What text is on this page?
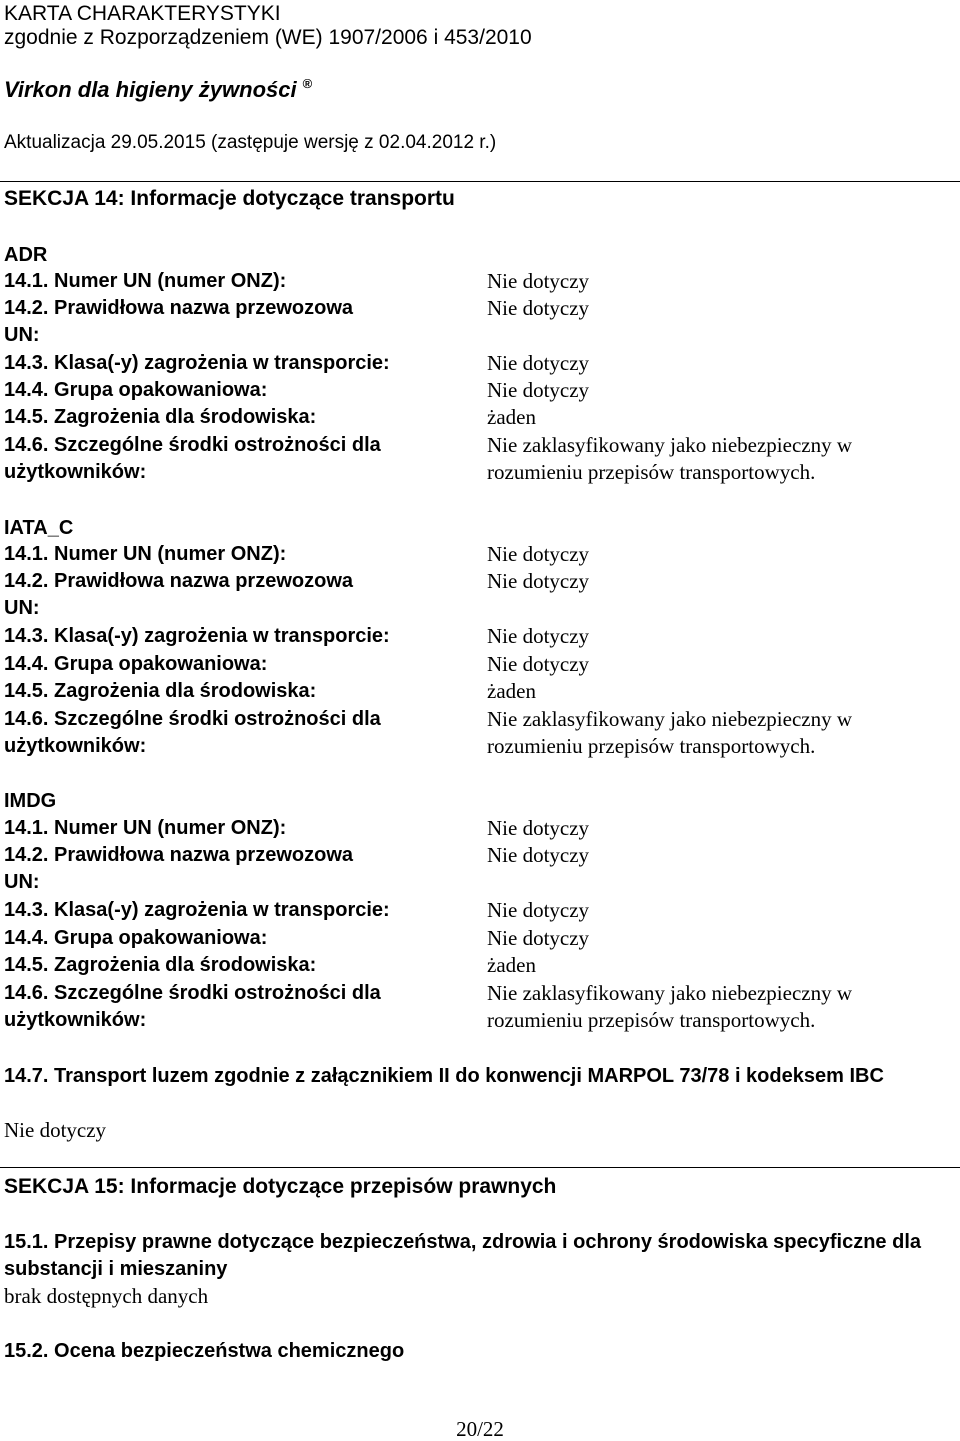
KARTA CHARAKTERYSTYKI
zgodnie z Rozporządzeniem (WE) 1907/2006 i 453/2010
Virkon dla higieny żywności ®
Aktualizacja 29.05.2015 (zastępuje wersję z 02.04.2012 r.)
SEKCJA 14: Informacje dotyczące transportu
ADR
14.1. Numer UN (numer ONZ):	Nie dotyczy
14.2. Prawidłowa nazwa przewozowa
UN:
Nie dotyczy
14.3. Klasa(-y) zagrożenia w transporcie:	Nie dotyczy
14.4. Grupa opakowaniowa:	Nie dotyczy
14.5. Zagrożenia dla środowiska:	żaden
14.6. Szczególne środki ostrożności dla
użytkowników:
Nie zaklasyfikowany jako niebezpieczny w
rozumieniu przepisów transportowych.
IATA_C
14.1. Numer UN (numer ONZ):	Nie dotyczy
14.2. Prawidłowa nazwa przewozowa
UN:
Nie dotyczy
14.3. Klasa(-y) zagrożenia w transporcie:	Nie dotyczy
14.4. Grupa opakowaniowa:	Nie dotyczy
14.5. Zagrożenia dla środowiska:	żaden
14.6. Szczególne środki ostrożności dla
użytkowników:
Nie zaklasyfikowany jako niebezpieczny w
rozumieniu przepisów transportowych.
IMDG
14.1. Numer UN (numer ONZ):	Nie dotyczy
14.2. Prawidłowa nazwa przewozowa
UN:
Nie dotyczy
14.3. Klasa(-y) zagrożenia w transporcie:	Nie dotyczy
14.4. Grupa opakowaniowa:	Nie dotyczy
14.5. Zagrożenia dla środowiska:	żaden
14.6. Szczególne środki ostrożności dla
użytkowników:
Nie zaklasyfikowany jako niebezpieczny w
rozumieniu przepisów transportowych.
14.7. Transport luzem zgodnie z załącznikiem II do konwencji MARPOL 73/78 i kodeksem IBC
Nie dotyczy
SEKCJA 15: Informacje dotyczące przepisów prawnych
15.1. Przepisy prawne dotyczące bezpieczeństwa, zdrowia i ochrony środowiska specyficzne dla substancji i mieszaniny
brak dostępnych danych
15.2. Ocena bezpieczeństwa chemicznego
20/22
